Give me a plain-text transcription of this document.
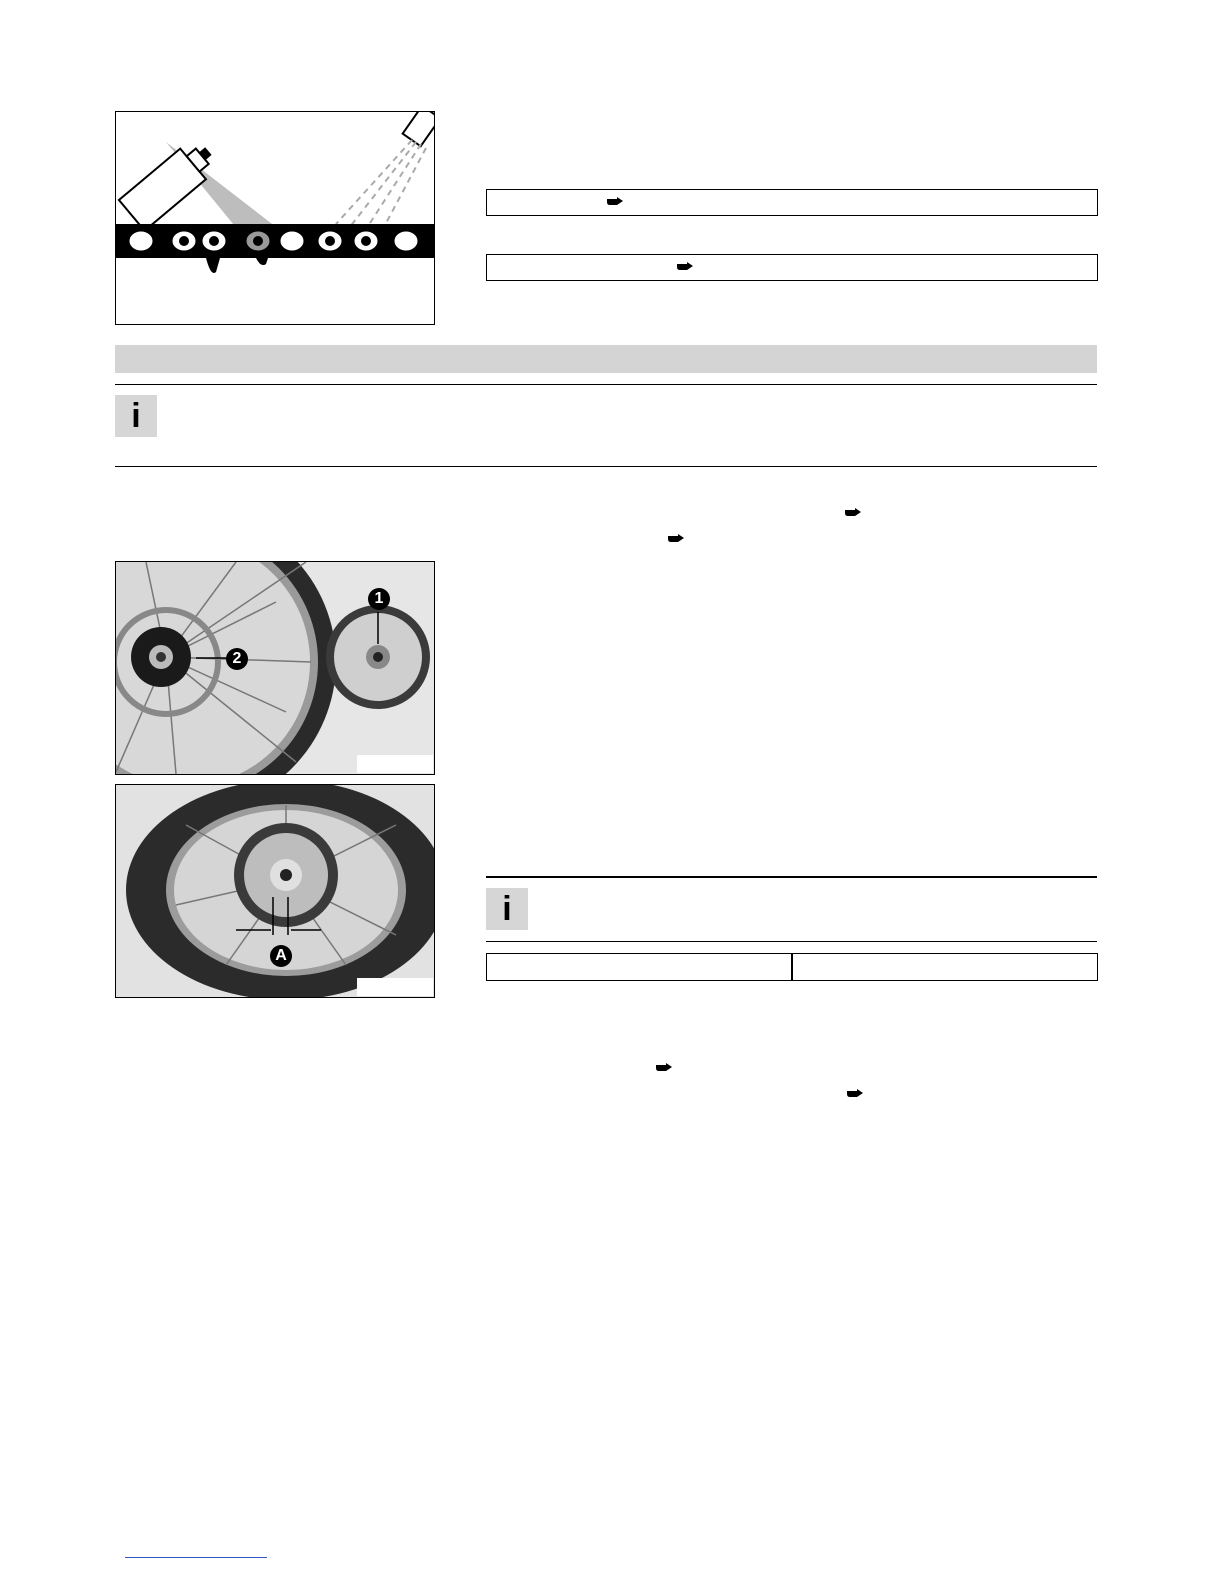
i
1
2
A
i
